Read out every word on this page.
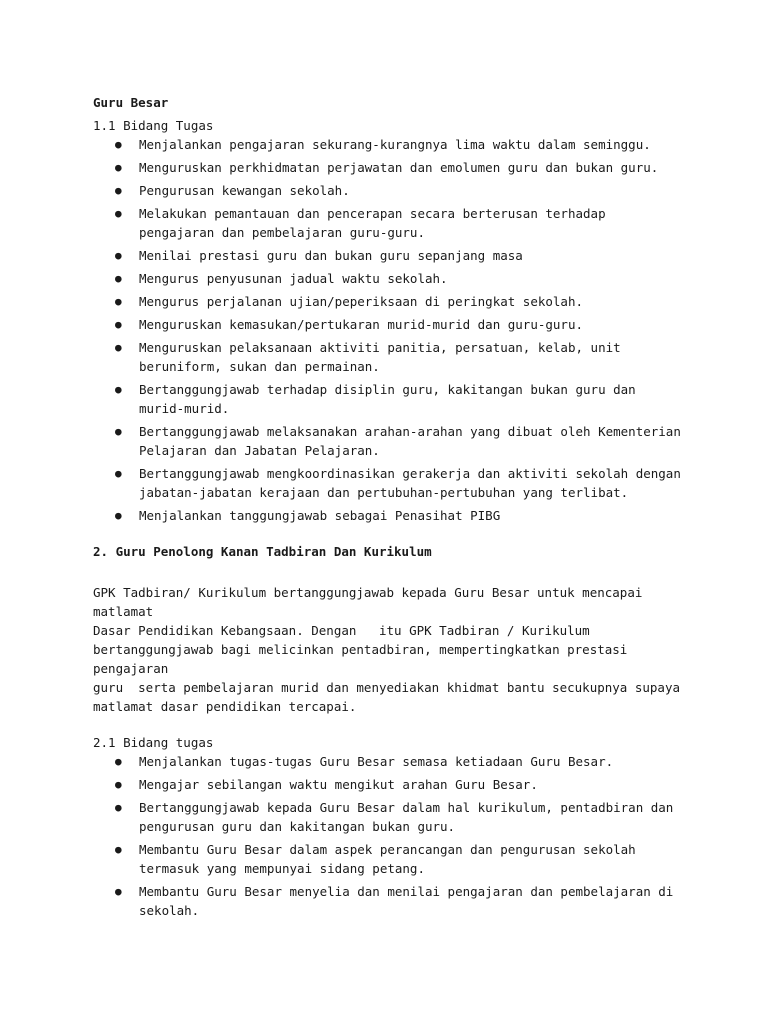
Guru Besar
1.1 Bidang Tugas
● Menjalankan pengajaran sekurang-kurangnya lima waktu dalam seminggu.
● Menguruskan perkhidmatan perjawatan dan emolumen guru dan bukan guru.
● Pengurusan kewangan sekolah.
● Melakukan pemantauan dan pencerapan secara berterusan terhadap pengajaran dan pembelajaran guru-guru.
● Menilai prestasi guru dan bukan guru sepanjang masa
● Mengurus penyusunan jadual waktu sekolah.
● Mengurus perjalanan ujian/peperiksaan di peringkat sekolah.
● Menguruskan kemasukan/pertukaran murid-murid dan guru-guru.
● Menguruskan pelaksanaan aktiviti panitia, persatuan, kelab, unit beruniform, sukan dan permainan.
● Bertanggungjawab terhadap disiplin guru, kakitangan bukan guru dan murid-murid.
● Bertanggungjawab melaksanakan arahan-arahan yang dibuat oleh Kementerian Pelajaran dan Jabatan Pelajaran.
● Bertanggungjawab mengkoordinasikan gerakerja dan aktiviti sekolah dengan jabatan-jabatan kerajaan dan pertubuhan-pertubuhan yang terlibat.
● Menjalankan tanggungjawab sebagai Penasihat PIBG
2. Guru Penolong Kanan Tadbiran Dan Kurikulum
GPK Tadbiran/ Kurikulum bertanggungjawab kepada Guru Besar untuk mencapai matlamat
Dasar Pendidikan Kebangsaan. Dengan   itu GPK Tadbiran / Kurikulum
bertanggungjawab bagi melicinkan pentadbiran, mempertingkatkan prestasi pengajaran
guru  serta pembelajaran murid dan menyediakan khidmat bantu secukupnya supaya
matlamat dasar pendidikan tercapai.
2.1 Bidang tugas
● Menjalankan tugas-tugas Guru Besar semasa ketiadaan Guru Besar.
● Mengajar sebilangan waktu mengikut arahan Guru Besar.
● Bertanggungjawab kepada Guru Besar dalam hal kurikulum, pentadbiran dan pengurusan guru dan kakitangan bukan guru.
● Membantu Guru Besar dalam aspek perancangan dan pengurusan sekolah termasuk yang mempunyai sidang petang.
● Membantu Guru Besar menyelia dan menilai pengajaran dan pembelajaran di sekolah.
